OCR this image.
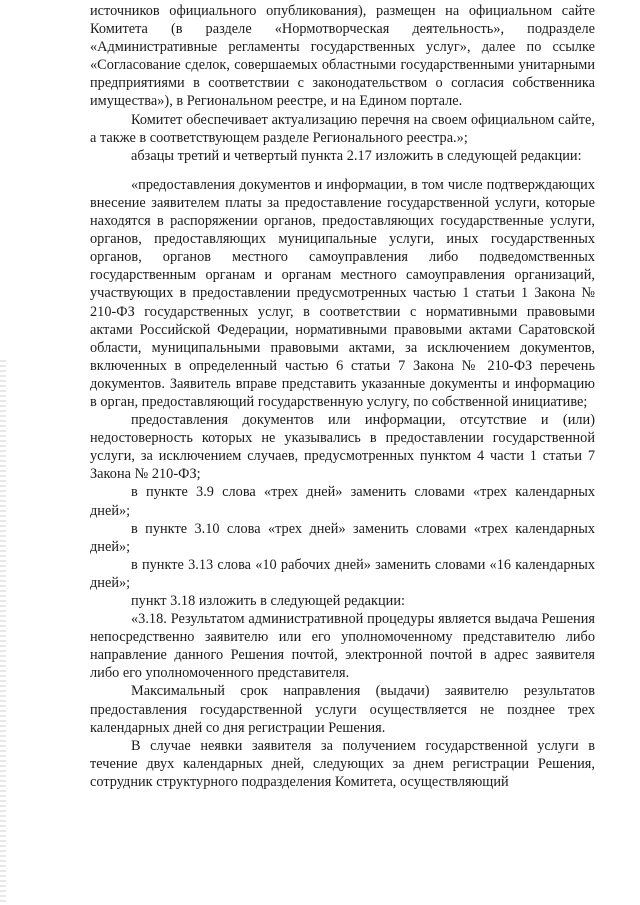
источников официального опубликования), размещен на официальном сайте Комитета (в разделе «Нормотворческая деятельность», подразделе «Административные регламенты государственных услуг», далее по ссылке «Согласование сделок, совершаемых областными государственными унитарными предприятиями в соответствии с законодательством о согласия собственника имущества»), в Региональном реестре, и на Едином портале.

Комитет обеспечивает актуализацию перечня на своем официальном сайте, а также в соответствующем разделе Регионального реестра.»;

абзацы третий и четвертый пункта 2.17 изложить в следующей редакции:

«предоставления документов и информации, в том числе подтверждающих внесение заявителем платы за предоставление государственной услуги, которые находятся в распоряжении органов, предоставляющих государственные услуги, органов, предоставляющих муниципальные услуги, иных государственных органов, органов местного самоуправления либо подведомственных государственным органам и органам местного самоуправления организаций, участвующих в предоставлении предусмотренных частью 1 статьи 1 Закона № 210-ФЗ государственных услуг, в соответствии с нормативными правовыми актами Российской Федерации, нормативными правовыми актами Саратовской области, муниципальными правовыми актами, за исключением документов, включенных в определенный частью 6 статьи 7 Закона № 210-ФЗ перечень документов. Заявитель вправе представить указанные документы и информацию в орган, предоставляющий государственную услугу, по собственной инициативе;

предоставления документов или информации, отсутствие и (или) недостоверность которых не указывались в предоставлении государственной услуги, за исключением случаев, предусмотренных пунктом 4 части 1 статьи 7 Закона № 210-ФЗ;

в пункте 3.9 слова «трех дней» заменить словами «трех календарных дней»;

в пункте 3.10 слова «трех дней» заменить словами «трех календарных дней»;

в пункте 3.13 слова «10 рабочих дней» заменить словами «16 календарных дней»;

пункт 3.18 изложить в следующей редакции:

«3.18. Результатом административной процедуры является выдача Решения непосредственно заявителю или его уполномоченному представителю либо направление данного Решения почтой, электронной почтой в адрес заявителя либо его уполномоченного представителя.

Максимальный срок направления (выдачи) заявителю результатов предоставления государственной услуги осуществляется не позднее трех календарных дней со дня регистрации Решения.

В случае неявки заявителя за получением государственной услуги в течение двух календарных дней, следующих за днем регистрации Решения, сотрудник структурного подразделения Комитета, осуществляющий
